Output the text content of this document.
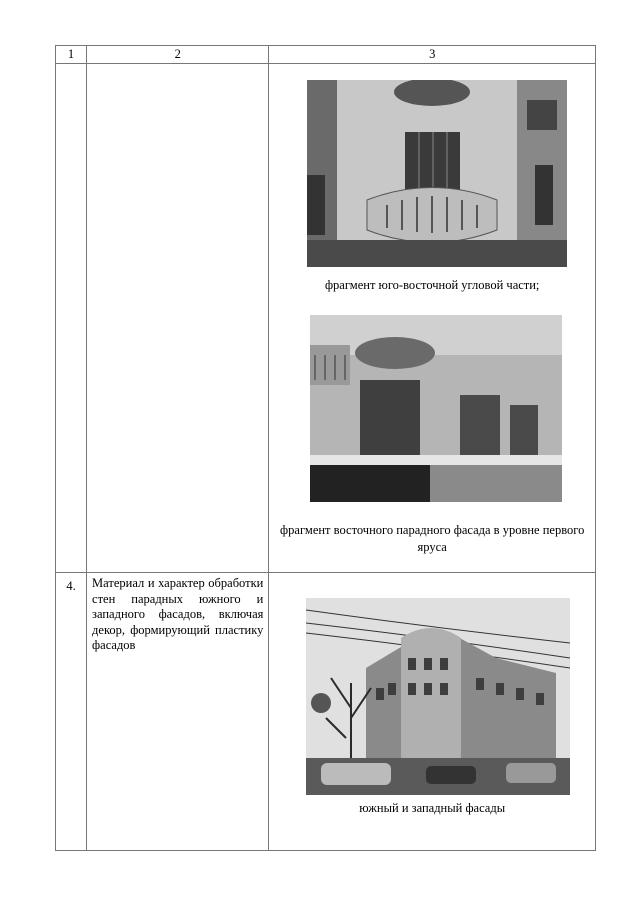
1	2	3

		фрагмент юго-восточной угловой части;
фрагмент восточного парадного фасада в уровне первого яруса

4.	Материал и характер обработки стен парадных южного и западного фасадов, включая декор, формирующий пластику фасадов	южный и западный фасады
